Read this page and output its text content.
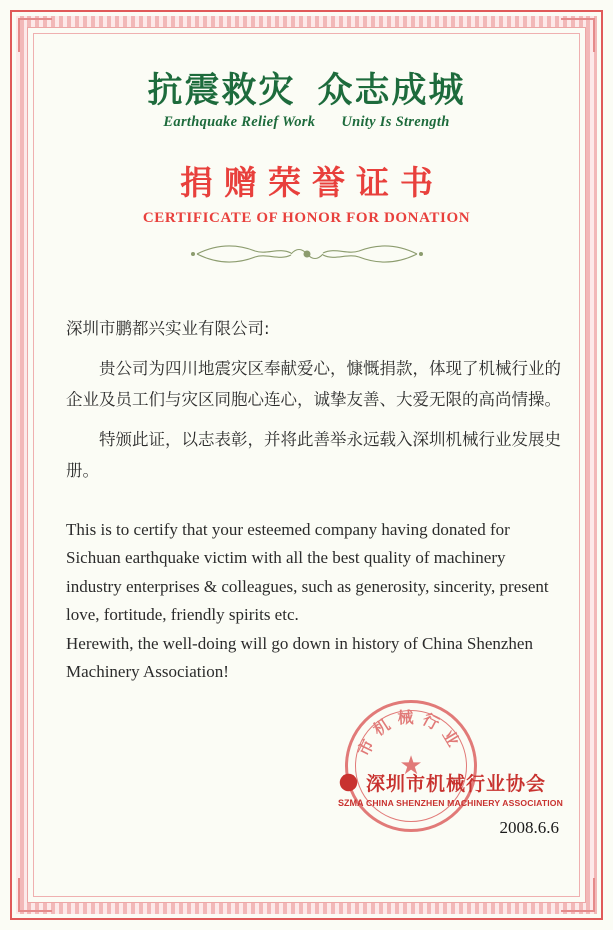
抗震救灾 众志成城
Earthquake Relief Work Unity Is Strength
捐赠荣誉证书
CERTIFICATE OF HONOR FOR DONATION
深圳市鹏都兴实业有限公司:
贵公司为四川地震灾区奉献爱心，慷慨捐款，体现了机械行业的企业及员工们与灾区同胞心连心，诚挚友善、大爱无限的高尚情操。
特颁此证，以志表彰，并将此善举永远载入深圳机械行业发展史册。

This is to certify that your esteemed company having donated for Sichuan earthquake victim with all the best quality of machinery industry enterprises & colleagues, such as generosity, sincerity, present love, fortitude, friendly spirits etc.

Herewith, the well-doing will go down in history of China Shenzhen Machinery Association!

市机械行业
★
深圳市机械行业协会
SZMA CHINA SHENZHEN MACHINERY ASSOCIATION
2008.6.6
